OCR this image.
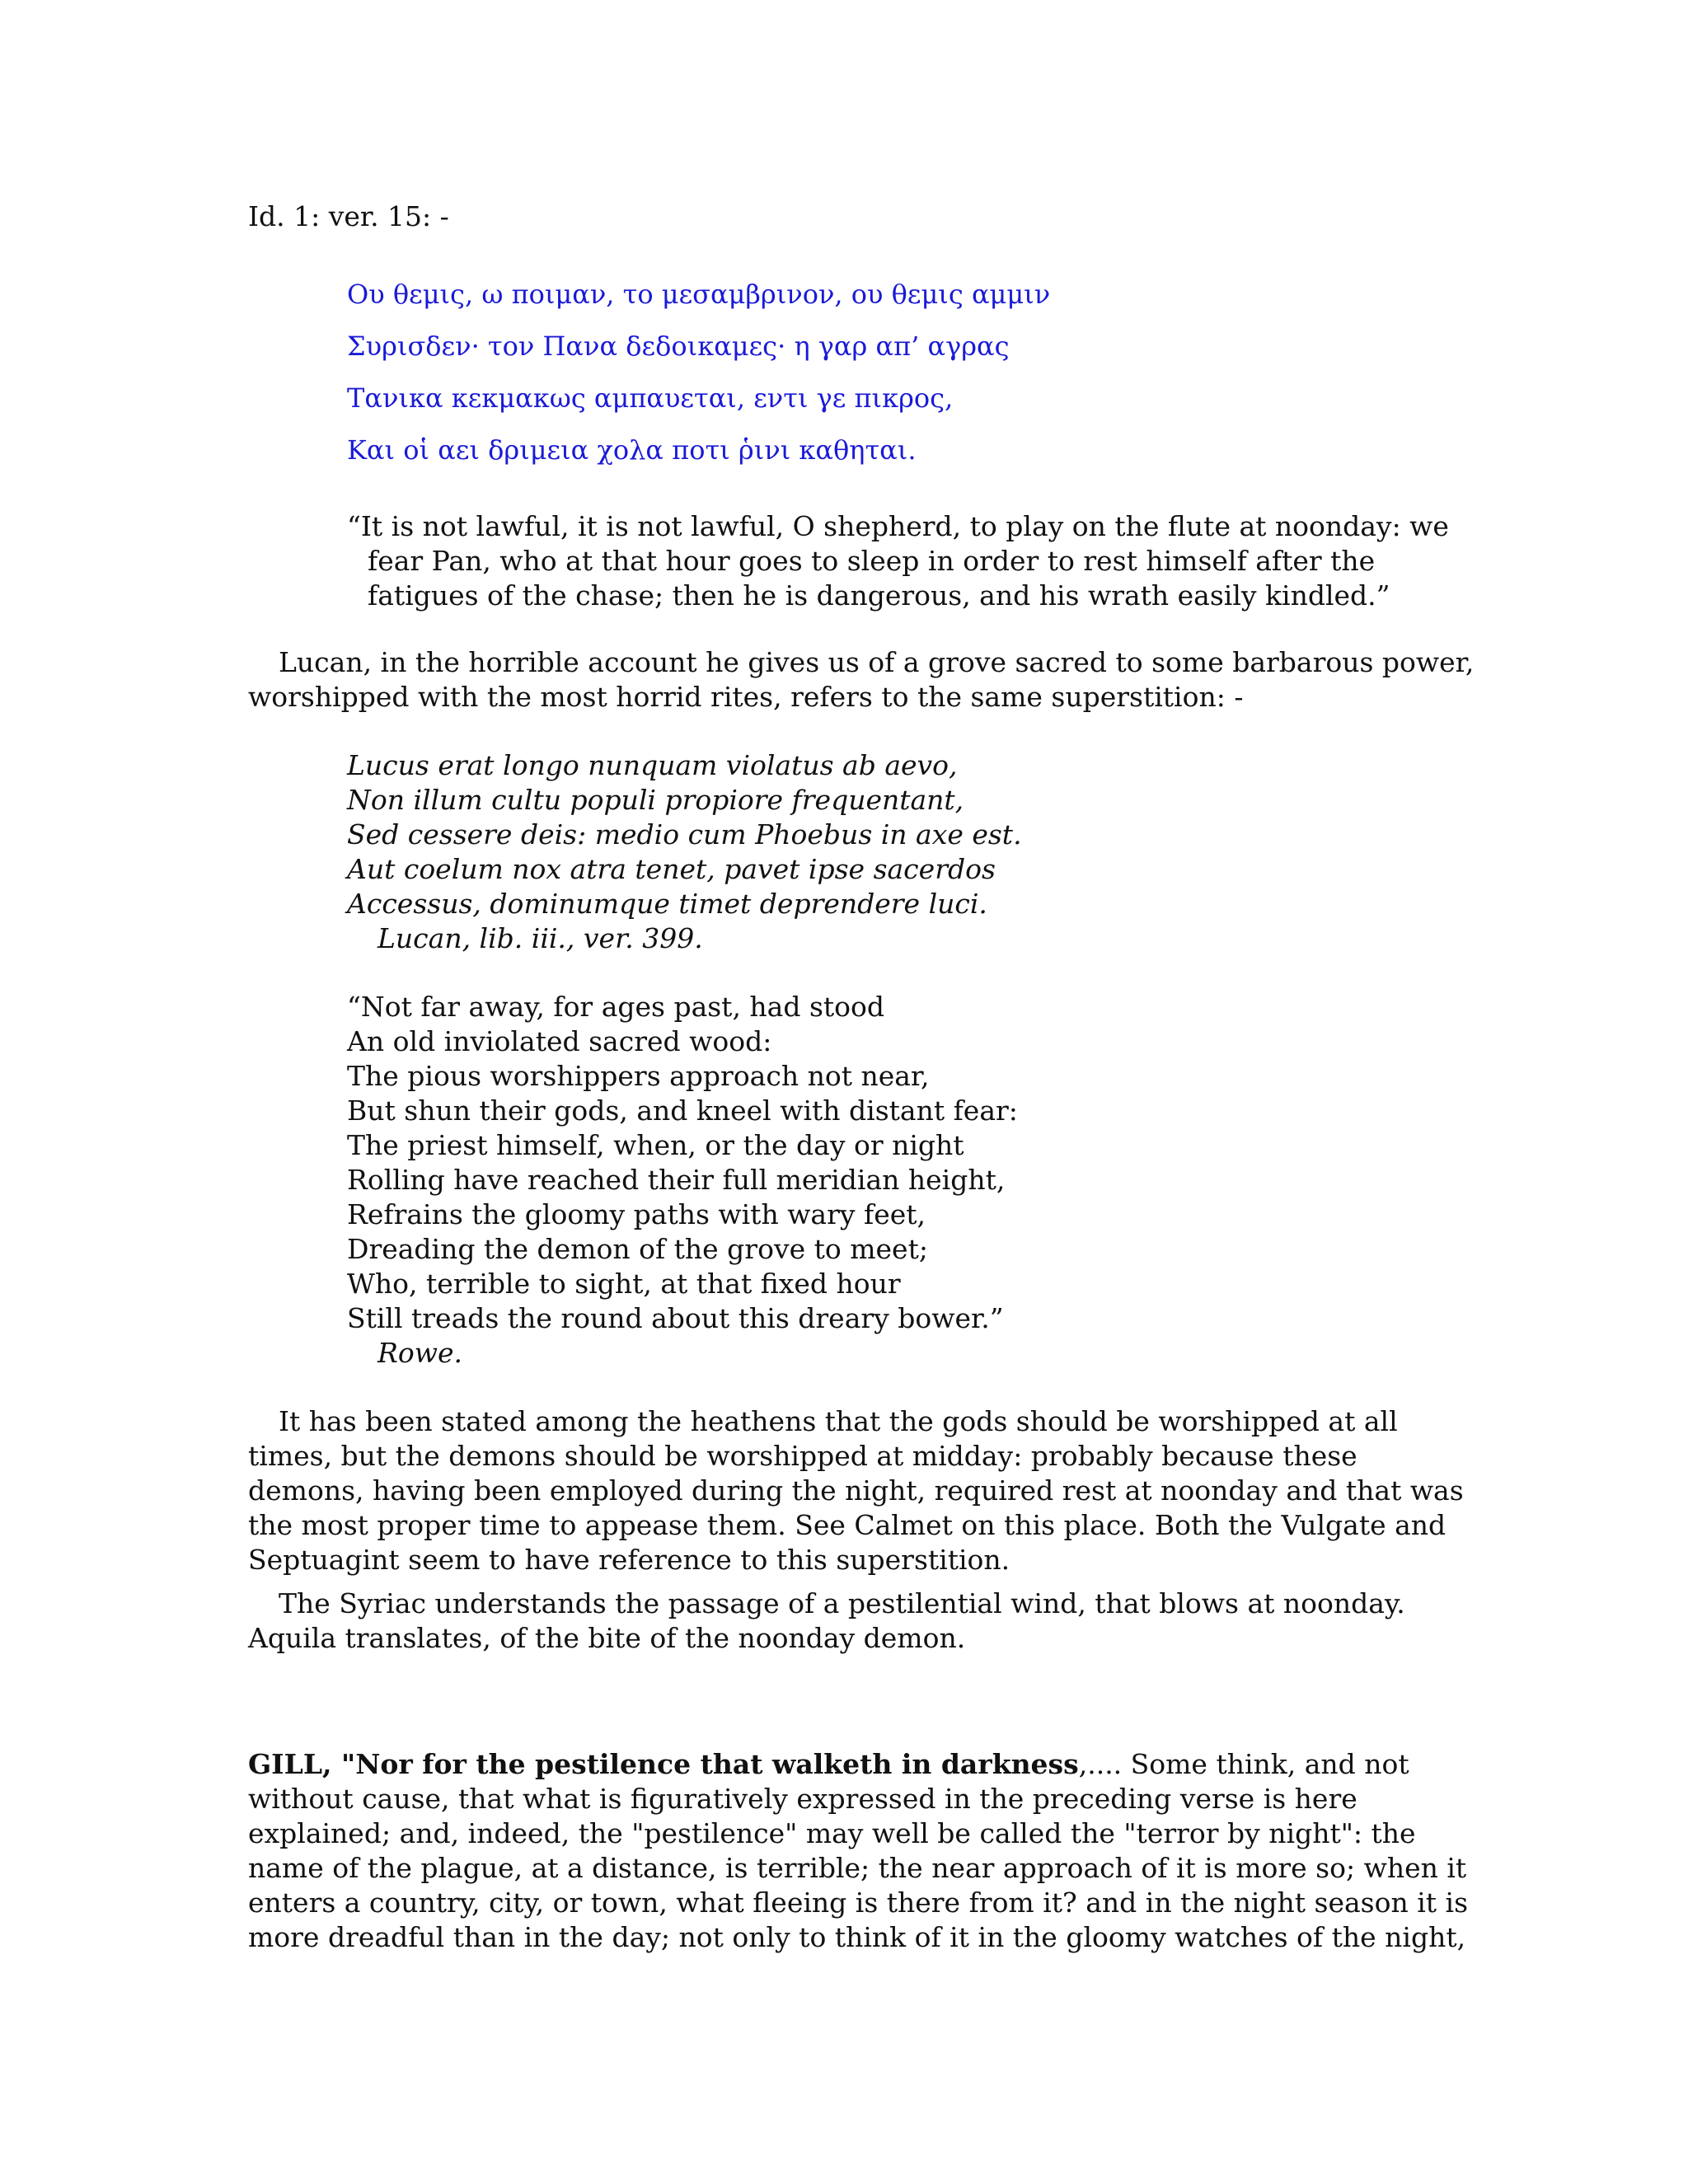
Id. 1: ver. 15: -
Ου θεμις, ω ποιμαν, το μεσαμβρινον, ου θεμις αμμιν
Συρισδεν· τον Πανα δεδοικαμες· η γαρ απ’ αγρας
Τανικα κεκμακως αμπαυεται, εντι γε πικρος,
Και οἱ αει δριμεια χολα ποτι ῥινι καθηται.
“It is not lawful, it is not lawful, O shepherd, to play on the flute at noonday: we
fear Pan, who at that hour goes to sleep in order to rest himself after the
fatigues of the chase; then he is dangerous, and his wrath easily kindled.”
Lucan, in the horrible account he gives us of a grove sacred to some barbarous power,
worshipped with the most horrid rites, refers to the same superstition: -
Lucus erat longo nunquam violatus ab aevo,
Non illum cultu populi propiore frequentant,
Sed cessere deis: medio cum Phoebus in axe est.
Aut coelum nox atra tenet, pavet ipse sacerdos
Accessus, dominumque timet deprendere luci.
Lucan, lib. iii., ver. 399.
“Not far away, for ages past, had stood
An old inviolated sacred wood:
The pious worshippers approach not near,
But shun their gods, and kneel with distant fear:
The priest himself, when, or the day or night
Rolling have reached their full meridian height,
Refrains the gloomy paths with wary feet,
Dreading the demon of the grove to meet;
Who, terrible to sight, at that fixed hour
Still treads the round about this dreary bower.”
Rowe.
It has been stated among the heathens that the gods should be worshipped at all
times, but the demons should be worshipped at midday: probably because these
demons, having been employed during the night, required rest at noonday and that was
the most proper time to appease them. See Calmet on this place. Both the Vulgate and
Septuagint seem to have reference to this superstition.
The Syriac understands the passage of a pestilential wind, that blows at noonday.
Aquila translates, of the bite of the noonday demon.
GILL, "Nor for the pestilence that walketh in darkness,.... Some think, and not
without cause, that what is figuratively expressed in the preceding verse is here
explained; and, indeed, the "pestilence" may well be called the "terror by night": the
name of the plague, at a distance, is terrible; the near approach of it is more so; when it
enters a country, city, or town, what fleeing is there from it? and in the night season it is
more dreadful than in the day; not only to think of it in the gloomy watches of the night,
